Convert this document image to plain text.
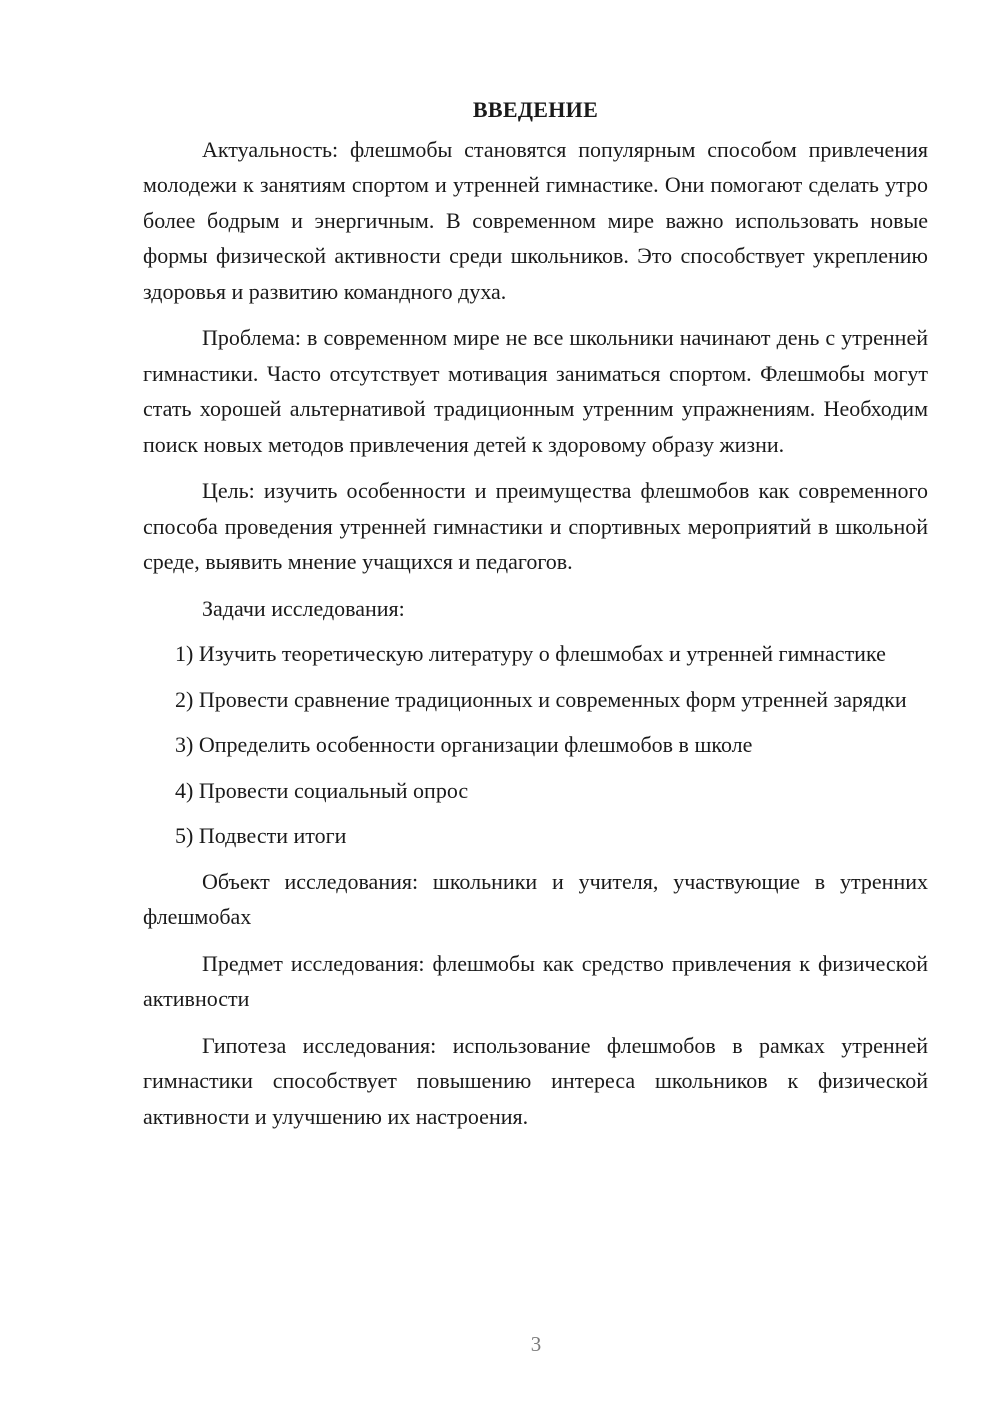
ВВЕДЕНИЕ

Актуальность: флешмобы становятся популярным способом привлечения молодежи к занятиям спортом и утренней гимнастике. Они помогают сделать утро более бодрым и энергичным. В современном мире важно использовать новые формы физической активности среди школьников. Это способствует укреплению здоровья и развитию командного духа.

Проблема: в современном мире не все школьники начинают день с утренней гимнастики. Часто отсутствует мотивация заниматься спортом. Флешмобы могут стать хорошей альтернативой традиционным утренним упражнениям. Необходим поиск новых методов привлечения детей к здоровому образу жизни.

Цель: изучить особенности и преимущества флешмобов как современного способа проведения утренней гимнастики и спортивных мероприятий в школьной среде, выявить мнение учащихся и педагогов.

Задачи исследования:

1) Изучить теоретическую литературу о флешмобах и утренней гимнастике

2) Провести сравнение традиционных и современных форм утренней зарядки

3) Определить особенности организации флешмобов в школе

4) Провести социальный опрос

5) Подвести итоги

Объект исследования: школьники и учителя, участвующие в утренних флешмобах

Предмет исследования: флешмобы как средство привлечения к физической активности

Гипотеза исследования: использование флешмобов в рамках утренней гимнастики способствует повышению интереса школьников к физической активности и улучшению их настроения.

3
